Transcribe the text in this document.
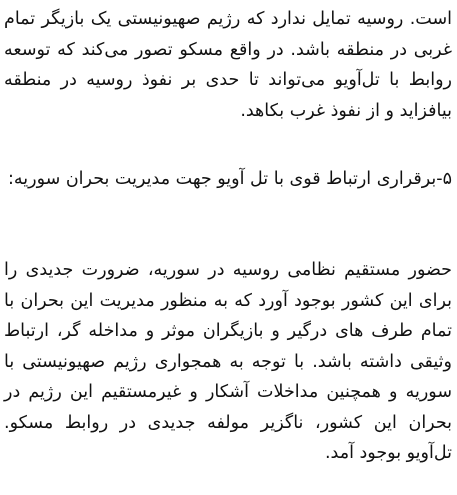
است. روسیه تمایل ندارد که رژیم صهیونیستی یک بازیگر تمام غربی در منطقه باشد. در واقع مسکو تصور می‌کند که توسعه روابط با تل‌آویو می‌تواند تا حدی بر نفوذ روسیه در منطقه بیافزاید و از نفوذ غرب بکاهد.

۵-برقراری ارتباط قوی با تل آویو جهت مدیریت بحران سوریه:

حضور مستقیم نظامی روسیه در سوریه، ضرورت جدیدی را برای این کشور بوجود آورد که به منظور مدیریت این بحران با تمام طرف های درگیر و بازیگران موثر و مداخله گر، ارتباط وثیقی داشته باشد. با توجه به همجواری رژیم صهیونیستی با سوریه و همچنین مداخلات آشکار و غیرمستقیم این رژیم در بحران این کشور، ناگزیر مولفه جدیدی در روابط مسکو. تل‌آویو بوجود آمد.
